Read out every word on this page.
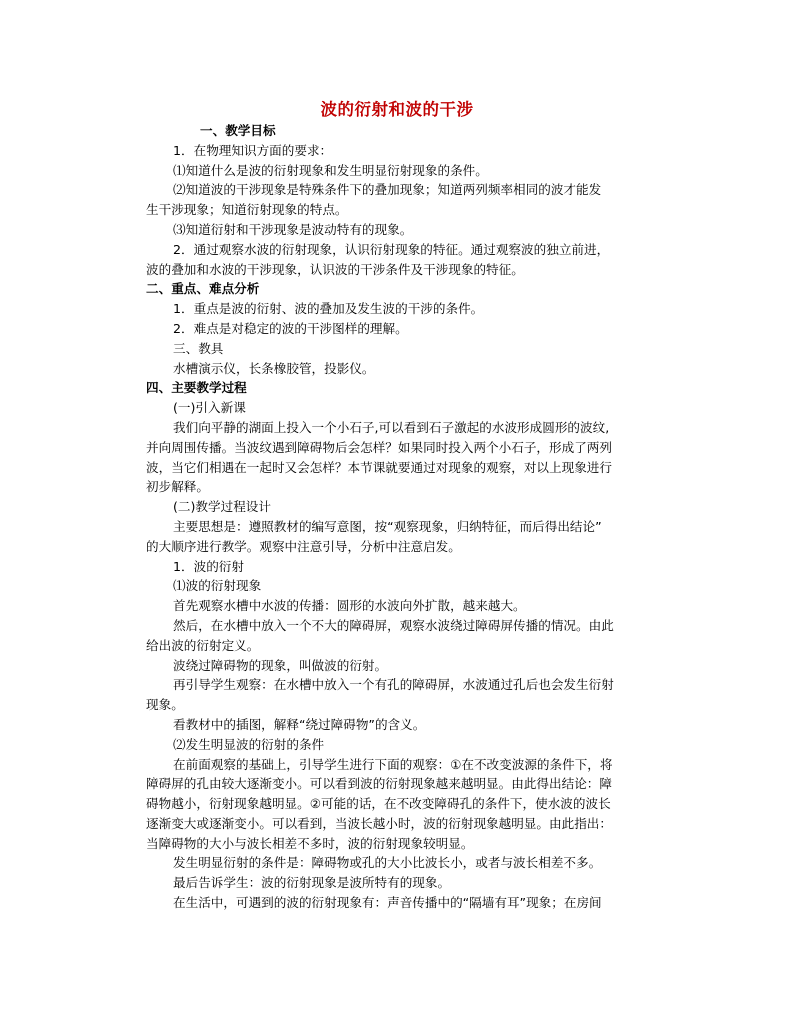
波的衍射和波的干涉
一、教学目标
1．在物理知识方面的要求：
⑴知道什么是波的衍射现象和发生明显衍射现象的条件。
⑵知道波的干涉现象是特殊条件下的叠加现象；知道两列频率相同的波才能发
生干涉现象；知道衍射现象的特点。
⑶知道衍射和干涉现象是波动特有的现象。
2．通过观察水波的衍射现象，认识衍射现象的特征。通过观察波的独立前进，
波的叠加和水波的干涉现象，认识波的干涉条件及干涉现象的特征。
二、重点、难点分析
1．重点是波的衍射、波的叠加及发生波的干涉的条件。
2．难点是对稳定的波的干涉图样的理解。
三、教具
水槽演示仪，长条橡胶管，投影仪。
四、主要教学过程
(一)引入新课
我们向平静的湖面上投入一个小石子,可以看到石子激起的水波形成圆形的波纹,
并向周围传播。当波纹遇到障碍物后会怎样？如果同时投入两个小石子，形成了两列
波，当它们相遇在一起时又会怎样？本节课就要通过对现象的观察，对以上现象进行
初步解释。
(二)教学过程设计
主要思想是：遵照教材的编写意图，按“观察现象，归纳特征，而后得出结论”
的大顺序进行教学。观察中注意引导，分析中注意启发。
1．波的衍射
⑴波的衍射现象
首先观察水槽中水波的传播：圆形的水波向外扩散，越来越大。
然后，在水槽中放入一个不大的障碍屏，观察水波绕过障碍屏传播的情况。由此
给出波的衍射定义。
波绕过障碍物的现象，叫做波的衍射。
再引导学生观察：在水槽中放入一个有孔的障碍屏，水波通过孔后也会发生衍射
现象。
看教材中的插图，解释“绕过障碍物”的含义。
⑵发生明显波的衍射的条件
在前面观察的基础上，引导学生进行下面的观察：①在不改变波源的条件下，将
障碍屏的孔由较大逐渐变小。可以看到波的衍射现象越来越明显。由此得出结论：障
碍物越小，衍射现象越明显。②可能的话，在不改变障碍孔的条件下，使水波的波长
逐渐变大或逐渐变小。可以看到，当波长越小时，波的衍射现象越明显。由此指出：
当障碍物的大小与波长相差不多时，波的衍射现象较明显。
发生明显衍射的条件是：障碍物或孔的大小比波长小，或者与波长相差不多。
最后告诉学生：波的衍射现象是波所特有的现象。
在生活中，可遇到的波的衍射现象有：声音传播中的“隔墙有耳”现象；在房间
